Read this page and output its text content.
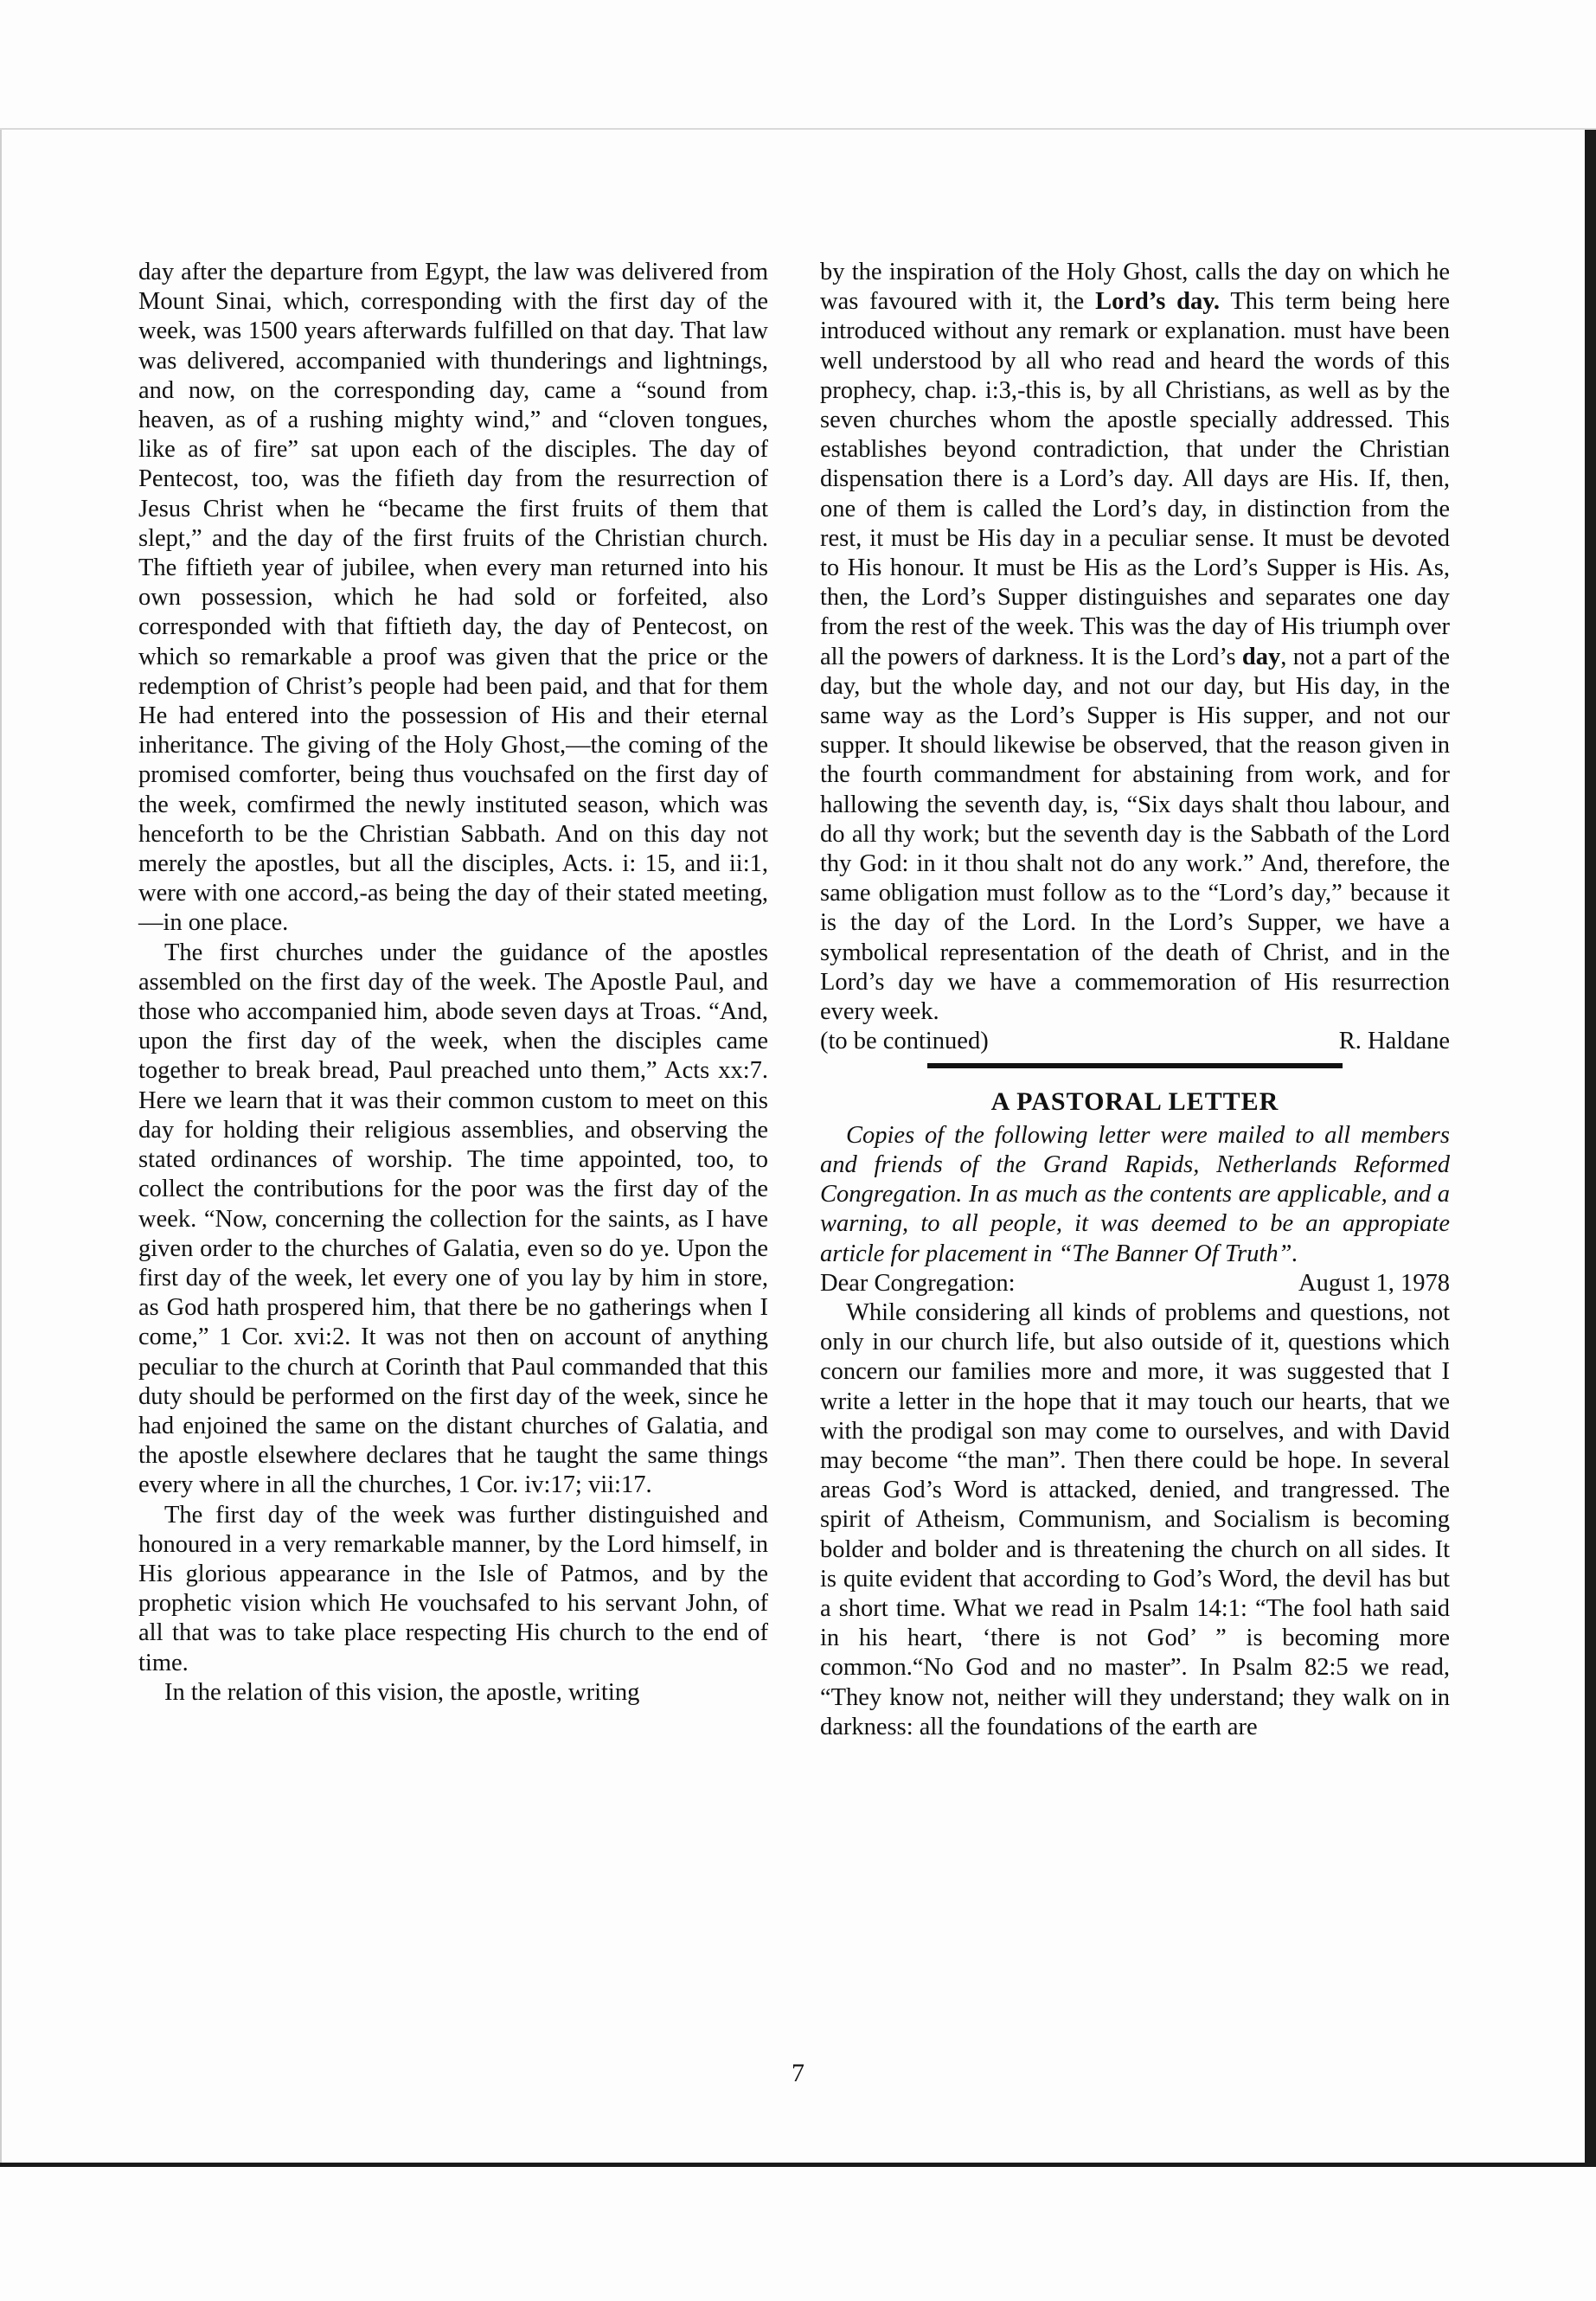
day after the departure from Egypt, the law was delivered from Mount Sinai, which, corresponding with the first day of the week, was 1500 years afterwards fulfilled on that day. That law was delivered, accompanied with thunderings and lightnings, and now, on the corresponding day, came a “sound from heaven, as of a rushing mighty wind,” and “cloven tongues, like as of fire” sat upon each of the disciples. The day of Pentecost, too, was the fifieth day from the resurrection of Jesus Christ when he “became the first fruits of them that slept,” and the day of the first fruits of the Christian church. The fiftieth year of jubilee, when every man returned into his own possession, which he had sold or forfeited, also corresponded with that fiftieth day, the day of Pentecost, on which so remarkable a proof was given that the price or the redemption of Christ’s people had been paid, and that for them He had entered into the possession of His and their eternal inheritance. The giving of the Holy Ghost,—the coming of the promised comforter, being thus vouchsafed on the first day of the week, comfirmed the newly instituted season, which was henceforth to be the Christian Sabbath. And on this day not merely the apostles, but all the disciples, Acts. i: 15, and ii:1, were with one accord,-as being the day of their stated meeting,—in one place.

The first churches under the guidance of the apostles assembled on the first day of the week. The Apostle Paul, and those who accompanied him, abode seven days at Troas. “And, upon the first day of the week, when the disciples came together to break bread, Paul preached unto them,” Acts xx:7. Here we learn that it was their common custom to meet on this day for holding their religious assemblies, and observing the stated ordinances of worship. The time appointed, too, to collect the contributions for the poor was the first day of the week. “Now, concerning the collection for the saints, as I have given order to the churches of Galatia, even so do ye. Upon the first day of the week, let every one of you lay by him in store, as God hath prospered him, that there be no gatherings when I come,” 1 Cor. xvi:2. It was not then on account of anything peculiar to the church at Corinth that Paul commanded that this duty should be performed on the first day of the week, since he had enjoined the same on the distant churches of Galatia, and the apostle elsewhere declares that he taught the same things every where in all the churches, 1 Cor. iv:17; vii:17.

The first day of the week was further distinguished and honoured in a very remarkable manner, by the Lord himself, in His glorious appearance in the Isle of Patmos, and by the prophetic vision which He vouchsafed to his servant John, of all that was to take place respecting His church to the end of time.

In the relation of this vision, the apostle, writing

by the inspiration of the Holy Ghost, calls the day on which he was favoured with it, the Lord’s day. This term being here introduced without any remark or explanation. must have been well understood by all who read and heard the words of this prophecy, chap. i:3,-this is, by all Christians, as well as by the seven churches whom the apostle specially addressed. This establishes beyond contradiction, that under the Christian dispensation there is a Lord’s day. All days are His. If, then, one of them is called the Lord’s day, in distinction from the rest, it must be His day in a peculiar sense. It must be devoted to His honour. It must be His as the Lord’s Supper is His. As, then, the Lord’s Supper distinguishes and separates one day from the rest of the week. This was the day of His triumph over all the powers of darkness. It is the Lord’s day, not a part of the day, but the whole day, and not our day, but His day, in the same way as the Lord’s Supper is His supper, and not our supper. It should likewise be observed, that the reason given in the fourth commandment for abstaining from work, and for hallowing the seventh day, is, “Six days shalt thou labour, and do all thy work; but the seventh day is the Sabbath of the Lord thy God: in it thou shalt not do any work.” And, therefore, the same obligation must follow as to the “Lord’s day,” because it is the day of the Lord. In the Lord’s Supper, we have a symbolical representation of the death of Christ, and in the Lord’s day we have a commemoration of His resurrection every week.

(to be continued)	R. Haldane
A PASTORAL LETTER

Copies of the following letter were mailed to all members and friends of the Grand Rapids, Netherlands Reformed Congregation. In as much as the contents are applicable, and a warning, to all people, it was deemed to be an appropiate article for placement in “The Banner Of Truth”.

Dear Congregation:	August 1, 1978

While considering all kinds of problems and questions, not only in our church life, but also outside of it, questions which concern our families more and more, it was suggested that I write a letter in the hope that it may touch our hearts, that we with the prodigal son may come to ourselves, and with David may become “the man”. Then there could be hope. In several areas God’s Word is attacked, denied, and trangressed. The spirit of Atheism, Communism, and Socialism is becoming bolder and bolder and is threatening the church on all sides. It is quite evident that according to God’s Word, the devil has but a short time. What we read in Psalm 14:1: “The fool hath said in his heart, ‘there is not God’ ” is becoming more common.“No God and no master”. In Psalm 82:5 we read, “They know not, neither will they understand; they walk on in darkness: all the foundations of the earth are

7
